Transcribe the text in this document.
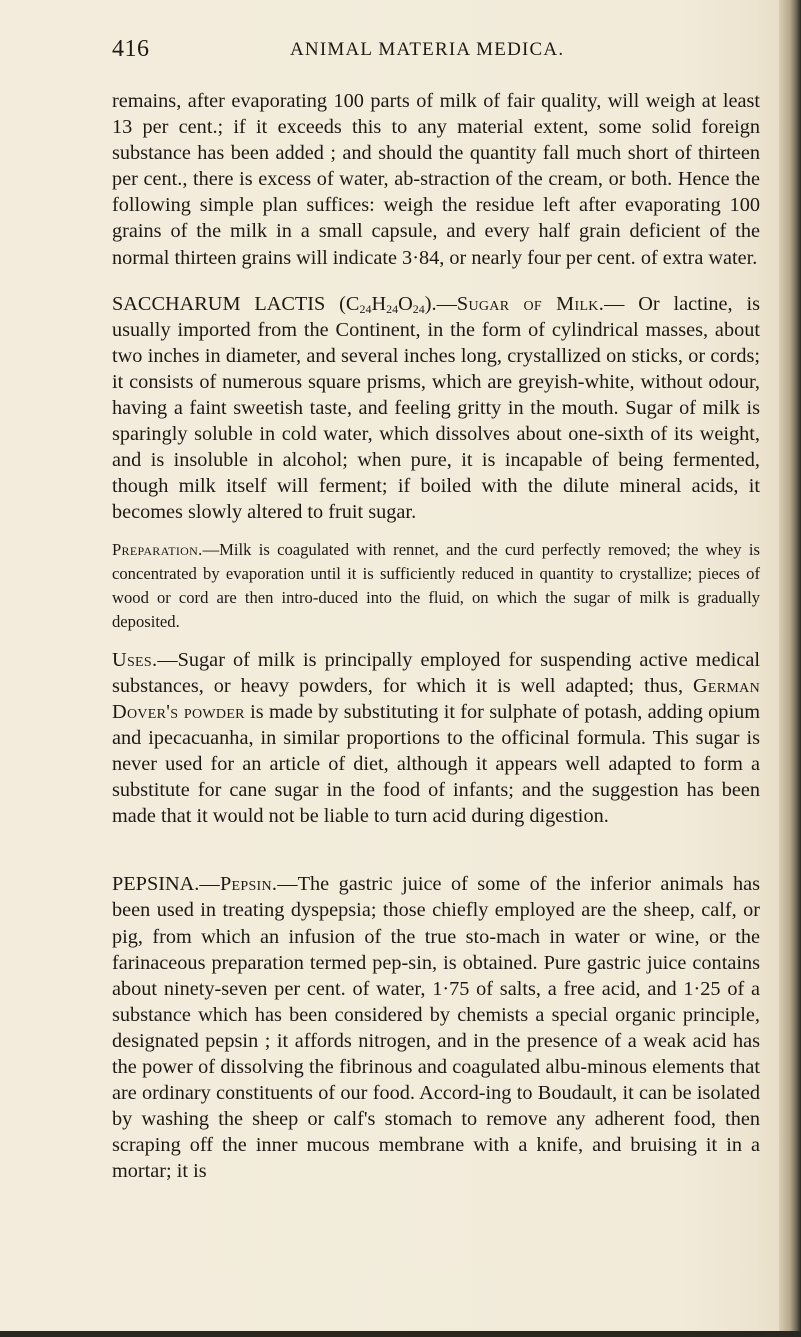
416	ANIMAL MATERIA MEDICA.

remains, after evaporating 100 parts of milk of fair quality, will weigh at least 13 per cent.; if it exceeds this to any material extent, some solid foreign substance has been added ; and should the quantity fall much short of thirteen per cent., there is excess of water, ab-straction of the cream, or both. Hence the following simple plan suffices: weigh the residue left after evaporating 100 grains of the milk in a small capsule, and every half grain deficient of the normal thirteen grains will indicate 3·84, or nearly four per cent. of extra water.

SACCHARUM LACTIS $(C_{24}H_{24}O_{24}).—Sugar$ of Milk.— Or lactine, is usually imported from the Continent, in the form of cylindrical masses, about two inches in diameter, and several inches long, crystallized on sticks, or cords; it consists of numerous square prisms, which are greyish-white, without odour, having a faint sweetish taste, and feeling gritty in the mouth. Sugar of milk is sparingly soluble in cold water, which dissolves about one-sixth of its weight, and is insoluble in alcohol; when pure, it is incapable of being fermented, though milk itself will ferment; if boiled with the dilute mineral acids, it becomes slowly altered to fruit sugar.

Preparation.—Milk is coagulated with rennet, and the curd perfectly removed; the whey is concentrated by evaporation until it is sufficiently reduced in quantity to crystallize; pieces of wood or cord are then intro-duced into the fluid, on which the sugar of milk is gradually deposited.

Uses.—Sugar of milk is principally employed for suspending active medical substances, or heavy powders, for which it is well adapted; thus, German Dover's powder is made by substituting it for sulphate of potash, adding opium and ipecacuanha, in similar proportions to the officinal formula. This sugar is never used for an article of diet, although it appears well adapted to form a substitute for cane sugar in the food of infants; and the suggestion has been made that it would not be liable to turn acid during digestion.

PEPSINA.—Pepsin.—The gastric juice of some of the inferior animals has been used in treating dyspepsia; those chiefly employed are the sheep, calf, or pig, from which an infusion of the true sto-mach in water or wine, or the farinaceous preparation termed pep-sin, is obtained. Pure gastric juice contains about ninety-seven per cent. of water, 1·75 of salts, a free acid, and 1·25 of a substance which has been considered by chemists a special organic principle, designated pepsin ; it affords nitrogen, and in the presence of a weak acid has the power of dissolving the fibrinous and coagulated albu-minous elements that are ordinary constituents of our food. Accord-ing to Boudault, it can be isolated by washing the sheep or calf's stomach to remove any adherent food, then scraping off the inner mucous membrane with a knife, and bruising it in a mortar; it is
